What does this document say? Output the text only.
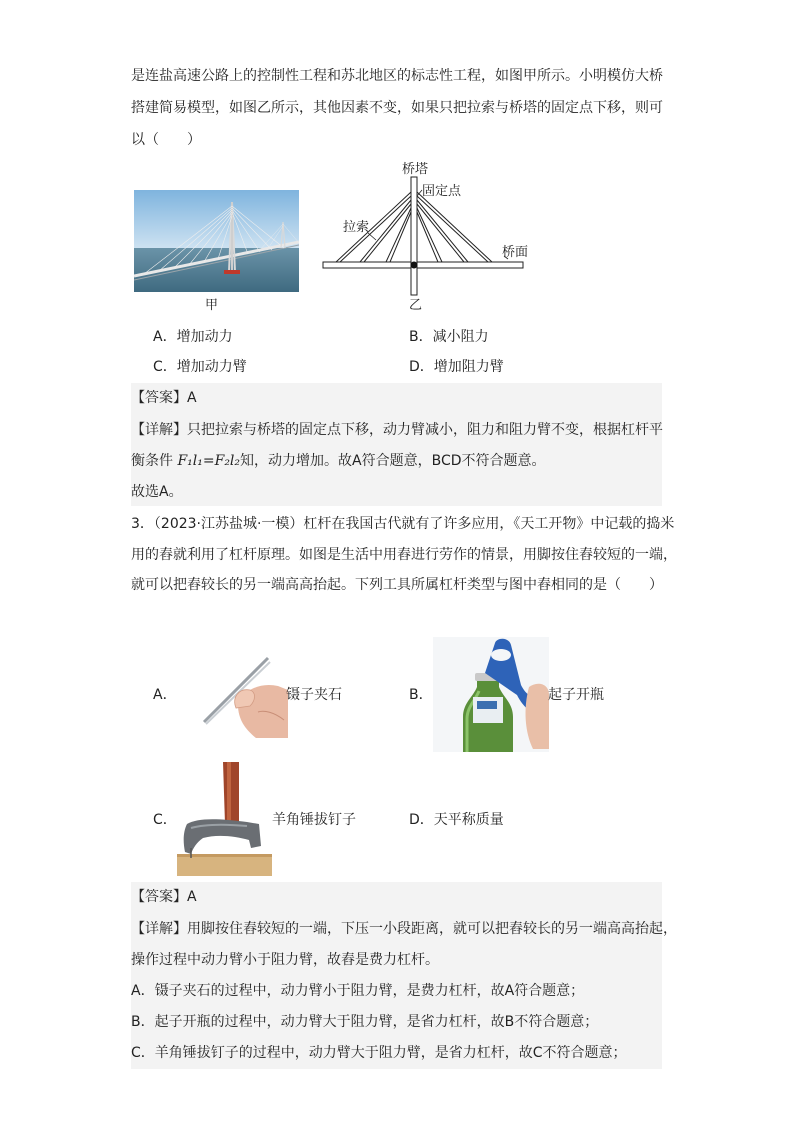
是连盐高速公路上的控制性工程和苏北地区的标志性工程，如图甲所示。小明模仿大桥
搭建简易模型，如图乙所示，其他因素不变，如果只把拉索与桥塔的固定点下移，则可
以（　　）
甲
桥塔
固定点
拉索
桥面
乙
A．增加动力	B．减小阻力
C．增加动力臂	D．增加阻力臂
【答案】A
【详解】只把拉索与桥塔的固定点下移，动力臂减小，阻力和阻力臂不变，根据杠杆平
衡条件 F₁l₁=F₂l₂知，动力增加。故A符合题意，BCD不符合题意。
故选A。
3．（2023·江苏盐城·一模）杠杆在我国古代就有了许多应用，《天工开物》中记载的捣米
用的舂就利用了杠杆原理。如图是生活中用舂进行劳作的情景，用脚按住舂较短的一端，
就可以把舂较长的另一端高高抬起。下列工具所属杠杆类型与图中舂相同的是（　　）
A．	镊子夹石	B．	起子开瓶
C．	羊角锤拔钉子	D．天平称质量
【答案】A
【详解】用脚按住舂较短的一端，下压一小段距离，就可以把舂较长的另一端高高抬起，
操作过程中动力臂小于阻力臂，故舂是费力杠杆。
A．镊子夹石的过程中，动力臂小于阻力臂，是费力杠杆，故A符合题意；
B．起子开瓶的过程中，动力臂大于阻力臂，是省力杠杆，故B不符合题意；
C．羊角锤拔钉子的过程中，动力臂大于阻力臂，是省力杠杆，故C不符合题意；
